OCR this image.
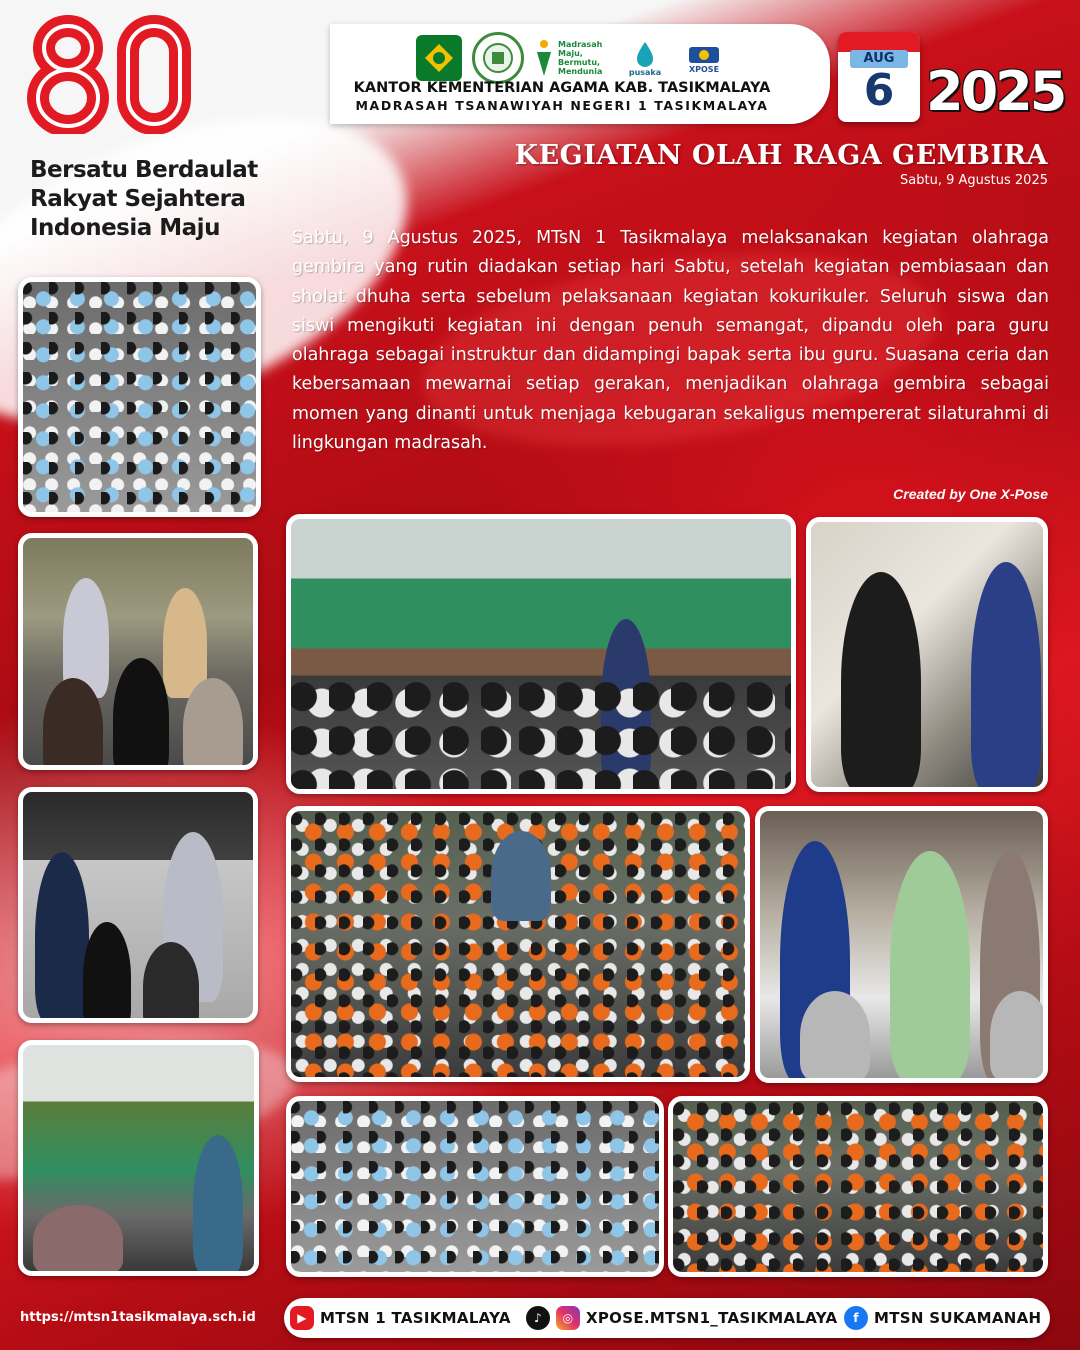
Bersatu Berdaulat
Rakyat Sejahtera
Indonesia Maju
Madrasah Maju, Bermutu, Mendunia	pusaka	XPOSE
KANTOR KEMENTERIAN AGAMA KAB. TASIKMALAYA
MADRASAH TSANAWIYAH NEGERI 1 TASIKMALAYA
AUG
6 2025
KEGIATAN OLAH RAGA GEMBIRA
Sabtu, 9 Agustus 2025
Sabtu, 9 Agustus 2025, MTsN 1 Tasikmalaya melaksanakan kegiatan olahraga gembira yang rutin diadakan setiap hari Sabtu, setelah kegiatan pembiasaan dan sholat dhuha serta sebelum pelaksanaan kegiatan kokurikuler. Seluruh siswa dan siswi mengikuti kegiatan ini dengan penuh semangat, dipandu oleh para guru olahraga sebagai instruktur dan didampingi bapak serta ibu guru. Suasana ceria dan kebersamaan mewarnai setiap gerakan, menjadikan olahraga gembira sebagai momen yang dinanti untuk menjaga kebugaran sekaligus mempererat silaturahmi di lingkungan madrasah.
Created by One X-Pose
https://mtsn1tasikmalaya.sch.id	▶ MTSN 1 TASIKMALAYA	♪	◎ XPOSE.MTSN1_TASIKMALAYA	f	MTSN SUKAMANAH
